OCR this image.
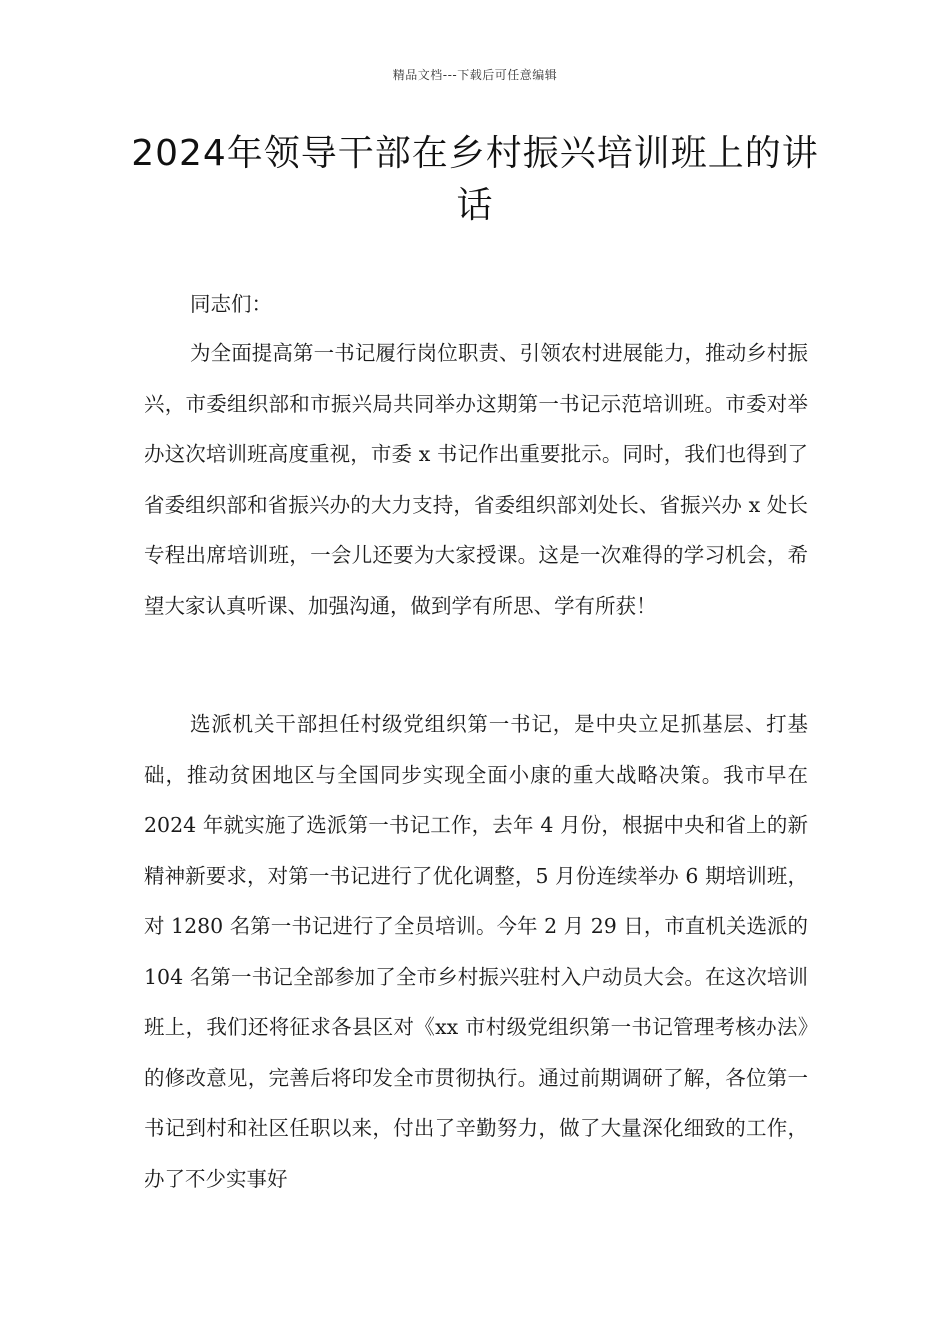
精品文档---下载后可任意编辑
2024年领导干部在乡村振兴培训班上的讲话

同志们：

为全面提高第一书记履行岗位职责、引领农村进展能力，推动乡村振兴，市委组织部和市振兴局共同举办这期第一书记示范培训班。市委对举办这次培训班高度重视，市委 x 书记作出重要批示。同时，我们也得到了省委组织部和省振兴办的大力支持，省委组织部刘处长、省振兴办 x 处长专程出席培训班，一会儿还要为大家授课。这是一次难得的学习机会，希望大家认真听课、加强沟通，做到学有所思、学有所获！

选派机关干部担任村级党组织第一书记，是中央立足抓基层、打基础，推动贫困地区与全国同步实现全面小康的重大战略决策。我市早在 2024 年就实施了选派第一书记工作，去年 4 月份，根据中央和省上的新精神新要求，对第一书记进行了优化调整，5 月份连续举办 6 期培训班，对 1280 名第一书记进行了全员培训。今年 2 月 29 日，市直机关选派的 104 名第一书记全部参加了全市乡村振兴驻村入户动员大会。在这次培训班上，我们还将征求各县区对《xx 市村级党组织第一书记管理考核办法》的修改意见，完善后将印发全市贯彻执行。通过前期调研了解，各位第一书记到村和社区任职以来，付出了辛勤努力，做了大量深化细致的工作，办了不少实事好
